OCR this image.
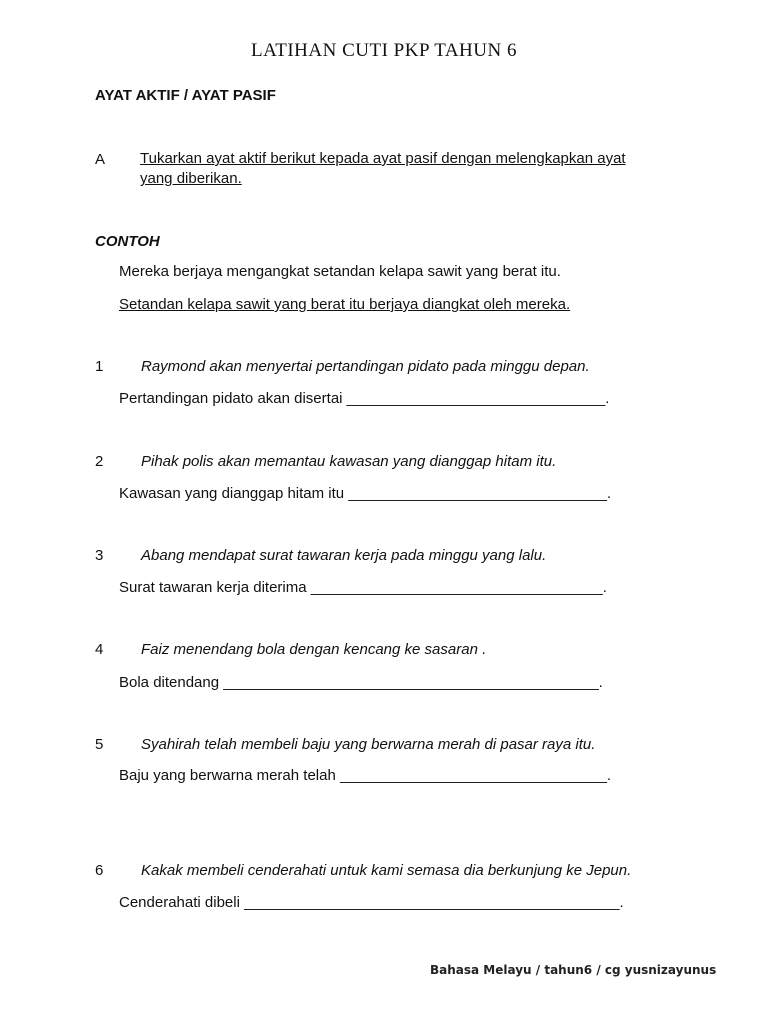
LATIHAN CUTI PKP TAHUN 6
AYAT AKTIF / AYAT PASIF
A Tukarkan ayat aktif berikut kepada ayat pasif dengan melengkapkan ayat yang diberikan.
CONTOH
Mereka berjaya mengangkat setandan kelapa sawit yang berat itu.
Setandan kelapa sawit yang berat itu berjaya diangkat oleh mereka.
1	Raymond akan menyertai pertandingan pidato pada minggu depan.
Pertandingan pidato akan disertai _______________________________.
2	Pihak polis akan memantau kawasan yang dianggap hitam itu.
Kawasan yang dianggap hitam itu _______________________________.
3	Abang mendapat surat tawaran kerja pada minggu yang lalu.
Surat tawaran kerja diterima ___________________________________.
4	Faiz menendang bola dengan kencang ke sasaran .
Bola ditendang _____________________________________________.
5	Syahirah telah membeli baju yang berwarna merah di pasar raya itu.
Baju yang berwarna merah telah ________________________________.
6	Kakak membeli cenderahati untuk kami semasa dia berkunjung ke Jepun.
Cenderahati dibeli _____________________________________________.
Bahasa Melayu / tahun6 / cg yusnizayunus
